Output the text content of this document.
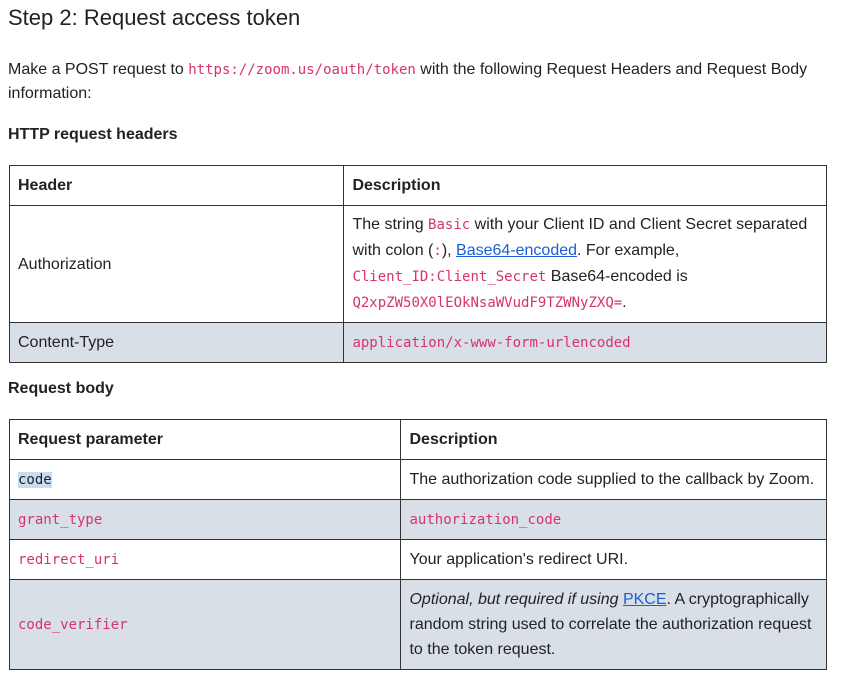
Step 2: Request access token
Make a POST request to https://zoom.us/oauth/token with the following Request Headers and Request Body information:
HTTP request headers
Header	Description
Authorization	The string Basic with your Client ID and Client Secret separated with colon (:), Base64-encoded. For example,
Client_ID:Client_Secret Base64-encoded is
Q2xpZW50X0lEOkNsaWVudF9TZWNyZXQ=.
Content-Type	application/x-www-form-urlencoded
Request body
Request parameter	Description
code	The authorization code supplied to the callback by Zoom.
grant_type	authorization_code
redirect_uri	Your application's redirect URI.
code_verifier	Optional, but required if using PKCE. A cryptographically random string used to correlate the authorization request to the token request.
